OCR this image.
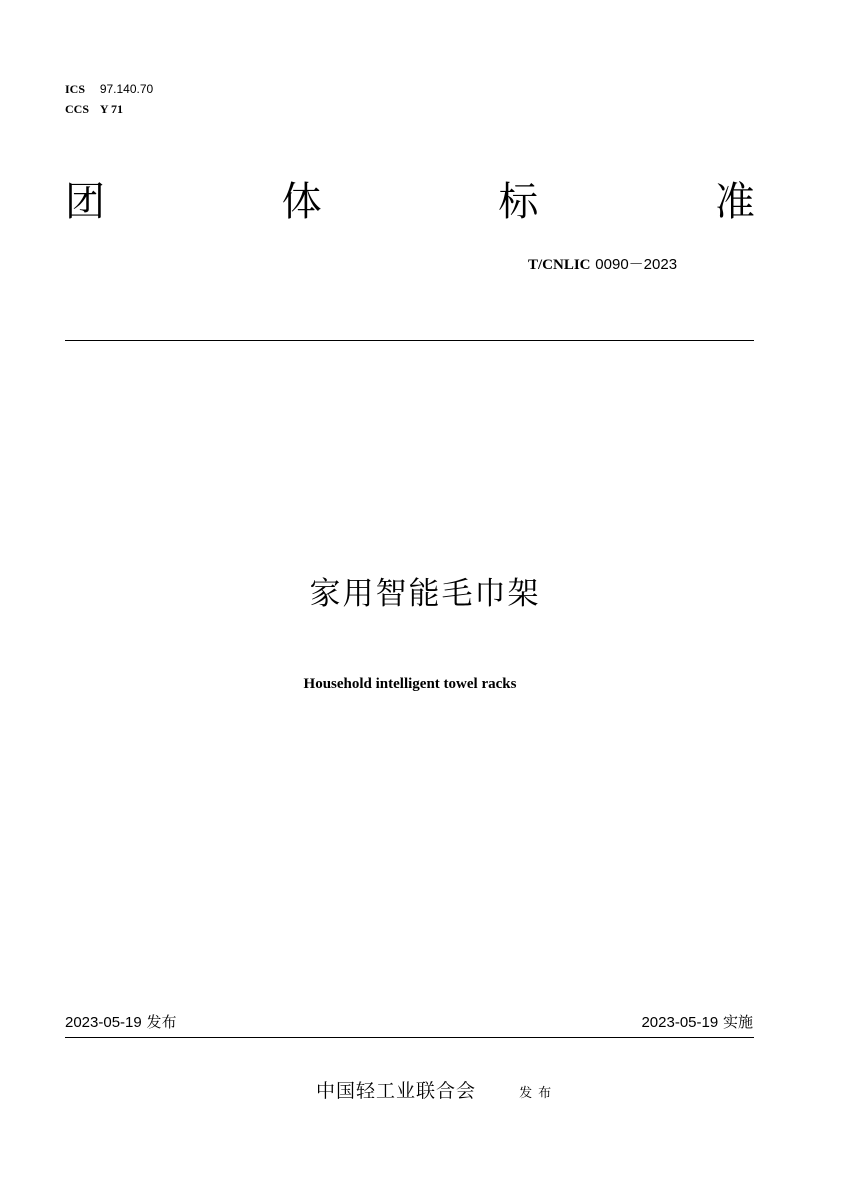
ICS 97.140.70
CCS Y 71
团	体	标	准
T/CNLIC 0090－2023
家用智能毛巾架
Household intelligent towel racks
2023-05-19 发布	2023-05-19 实施
中国轻工业联合会	发布
